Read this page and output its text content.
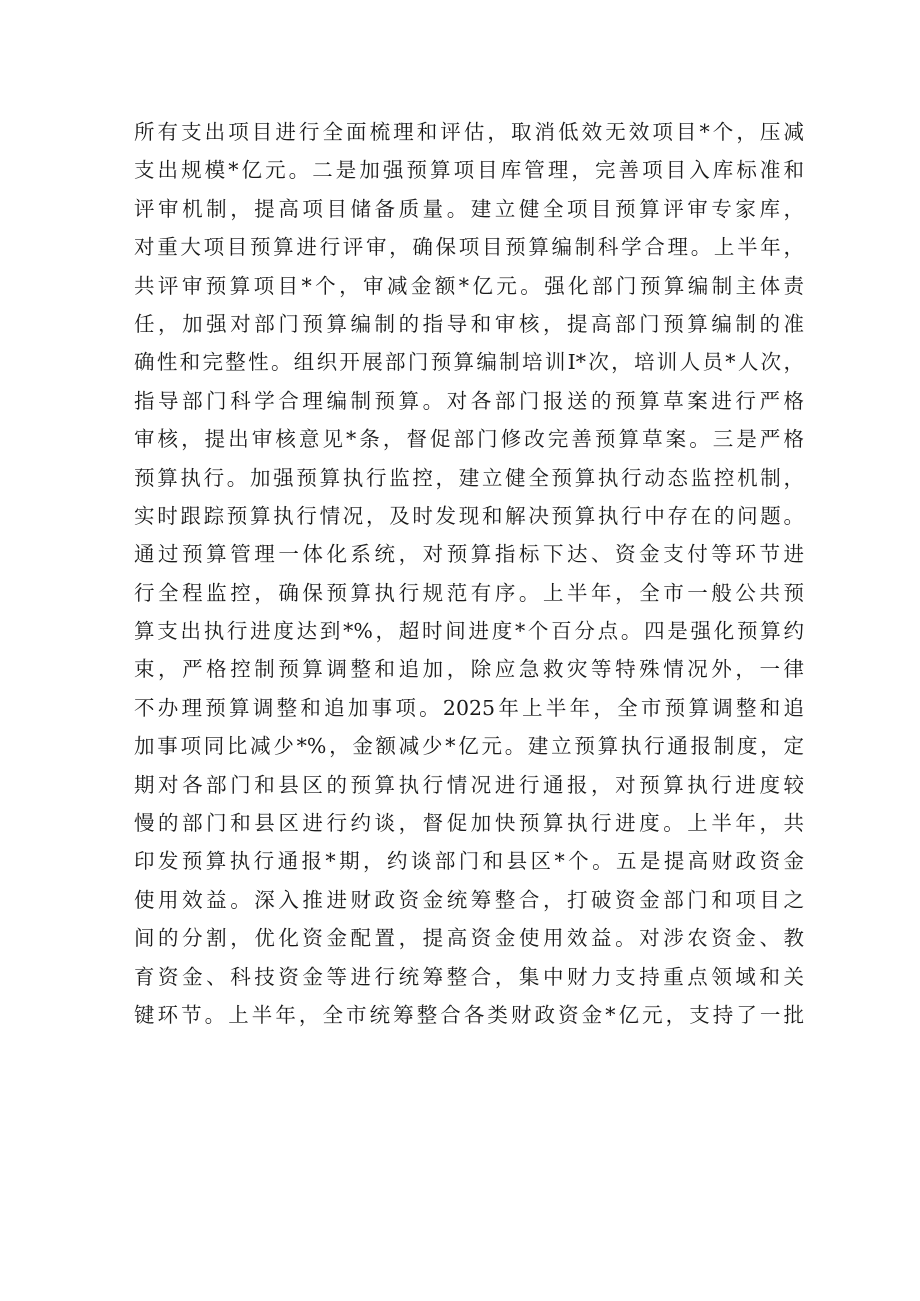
所有支出项目进行全面梳理和评估，取消低效无效项目*个，压减
支出规模*亿元。二是加强预算项目库管理，完善项目入库标准和
评审机制，提高项目储备质量。建立健全项目预算评审专家库，
对重大项目预算进行评审，确保项目预算编制科学合理。上半年，
共评审预算项目*个，审减金额*亿元。强化部门预算编制主体责
任，加强对部门预算编制的指导和审核，提高部门预算编制的准
确性和完整性。组织开展部门预算编制培训I*次，培训人员*人次，
指导部门科学合理编制预算。对各部门报送的预算草案进行严格
审核，提出审核意见*条，督促部门修改完善预算草案。三是严格
预算执行。加强预算执行监控，建立健全预算执行动态监控机制，
实时跟踪预算执行情况，及时发现和解决预算执行中存在的问题。
通过预算管理一体化系统，对预算指标下达、资金支付等环节进
行全程监控，确保预算执行规范有序。上半年，全市一般公共预
算支出执行进度达到*%，超时间进度*个百分点。四是强化预算约
束，严格控制预算调整和追加，除应急救灾等特殊情况外，一律
不办理预算调整和追加事项。2025年上半年，全市预算调整和追
加事项同比减少*%，金额减少*亿元。建立预算执行通报制度，定
期对各部门和县区的预算执行情况进行通报，对预算执行进度较
慢的部门和县区进行约谈，督促加快预算执行进度。上半年，共
印发预算执行通报*期，约谈部门和县区*个。五是提高财政资金
使用效益。深入推进财政资金统筹整合，打破资金部门和项目之
间的分割，优化资金配置，提高资金使用效益。对涉农资金、教
育资金、科技资金等进行统筹整合，集中财力支持重点领域和关
键环节。上半年，全市统筹整合各类财政资金*亿元，支持了一批
